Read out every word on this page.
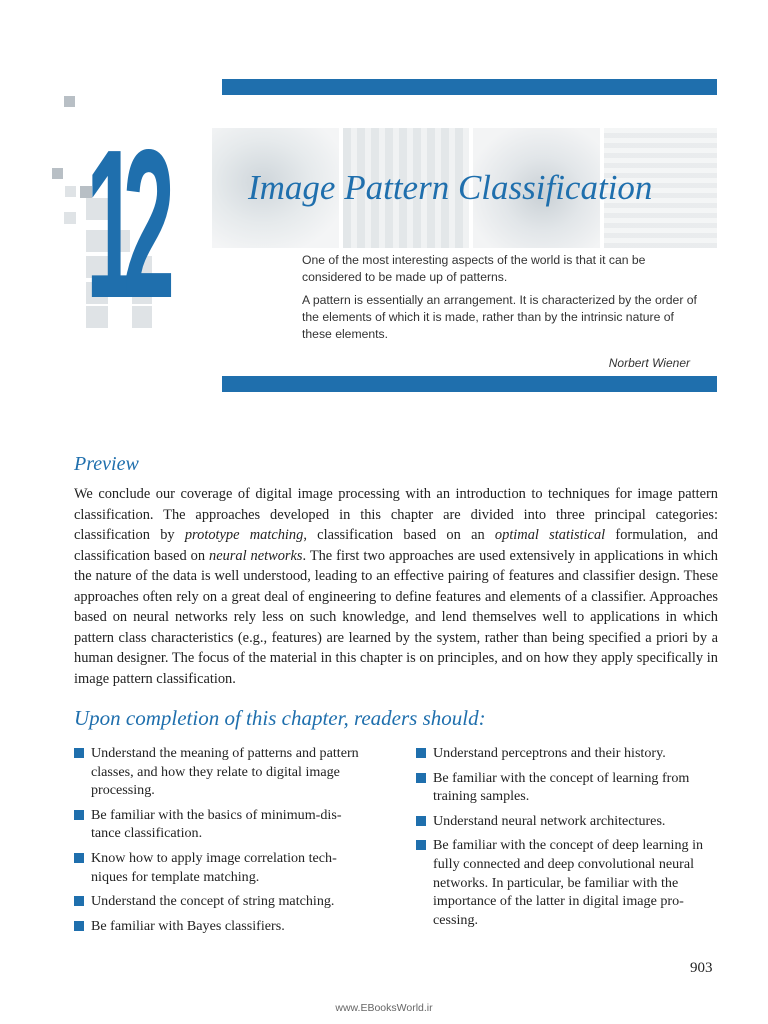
12	Image Pattern Classification

One of the most interesting aspects of the world is that it can be considered to be made up of patterns.

A pattern is essentially an arrangement. It is characterized by the order of the elements of which it is made, rather than by the intrinsic nature of these elements.

Norbert Wiener
Preview

We conclude our coverage of digital image processing with an introduction to techniques for image pattern classification. The approaches developed in this chapter are divided into three principal categories: classification by prototype matching, classification based on an optimal statistical formulation, and classification based on neural networks. The first two approaches are used extensively in applications in which the nature of the data is well understood, leading to an effective pairing of features and classifier design. These approaches often rely on a great deal of engineering to define features and elements of a classifier. Approaches based on neural networks rely less on such knowledge, and lend themselves well to applications in which pattern class characteristics (e.g., features) are learned by the system, rather than being specified a priori by a human designer. The focus of the material in this chapter is on principles, and on how they apply specifically in image pattern classification.

Upon completion of this chapter, readers should:
Understand the meaning of patterns and pattern classes, and how they relate to digital image processing.
Be familiar with the basics of minimum-distance classification.
Know how to apply image correlation techniques for template matching.
Understand the concept of string matching.
Be familiar with Bayes classifiers.
Understand perceptrons and their history.
Be familiar with the concept of learning from training samples.
Understand neural network architectures.
Be familiar with the concept of deep learning in fully connected and deep convolutional neural networks. In particular, be familiar with the importance of the latter in digital image processing.
903
www.EBooksWorld.ir
